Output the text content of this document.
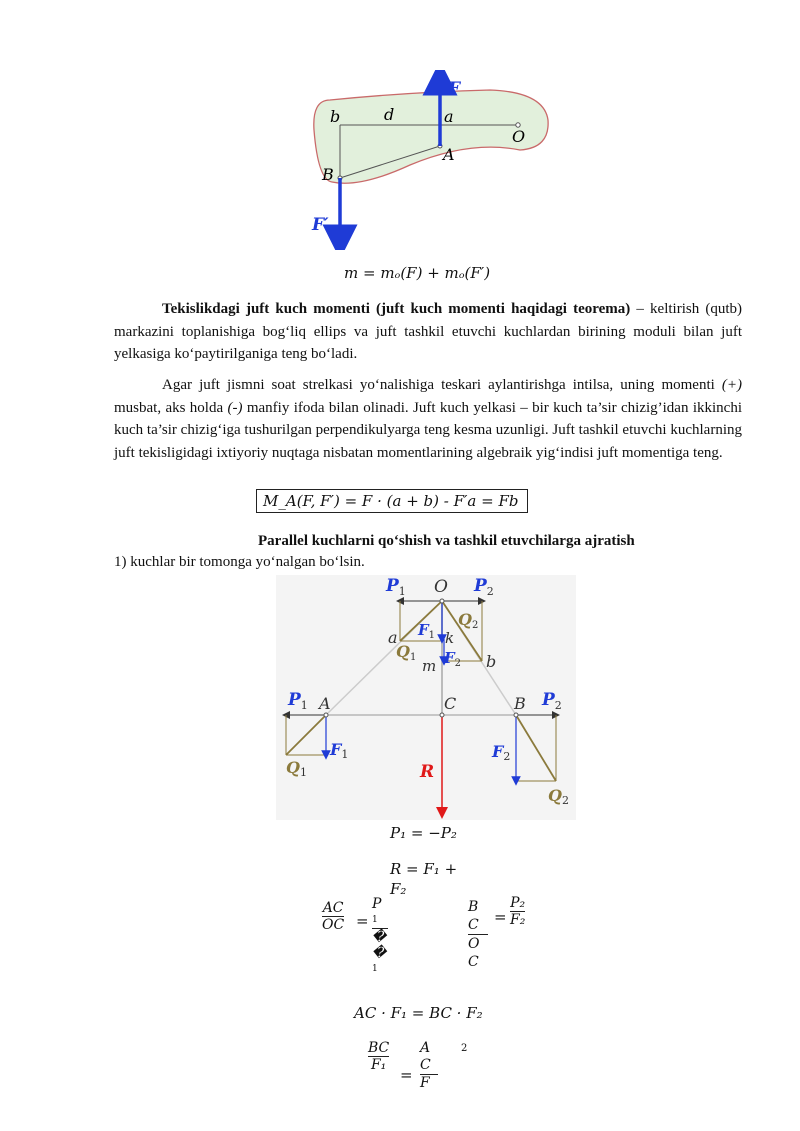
F
F′
b	d	a
O
A
B
m = mₒ(F) + mₒ(F′)
Tekislikdagi juft kuch momenti (juft kuch momenti haqidagi teorema) – keltirish (qutb) markazini toplanishiga bog‘liq ellips va juft tashkil etuvchi kuchlardan birining moduli bilan juft yelkasiga ko‘paytirilganiga teng bo‘ladi.
Agar juft jismni soat strelkasi yo‘nalishiga teskari aylantirishga intilsa, uning momenti (+) musbat, aks holda (-) manfiy ifoda bilan olinadi. Juft kuch yelkasi – bir kuch ta’sir chizig’idan ikkinchi kuch ta’sir chizig‘iga tushurilgan perpendikulyarga teng kesma uzunligi. Juft tashkil etuvchi kuchlarning juft tekisligidagi ixtiyoriy nuqtaga nisbatan momentlarining algebraik yig‘indisi juft momentiga teng.
M_A(F, F′) = F · (a + b) - F′a = Fb
Parallel kuchlarni qo‘shish va tashkil etuvchilarga ajratish
1) kuchlar bir tomonga yo‘nalgan bo‘lsin.
$P_1$ O $P_2$
a $F_1$ k
Q2
Q1 m $F_2$ b
$P_1$ A	C	B $P_2$
F1
Q1	R
F2
Q2
P₁ = −P₂
R = F₁ +
F₂
AC
OC =
P
1
�
�
1
B
C
O
C
=
P₂
F₂
AC · F₁ = BC · F₂
BC
F₁
=
A
C
F
2
